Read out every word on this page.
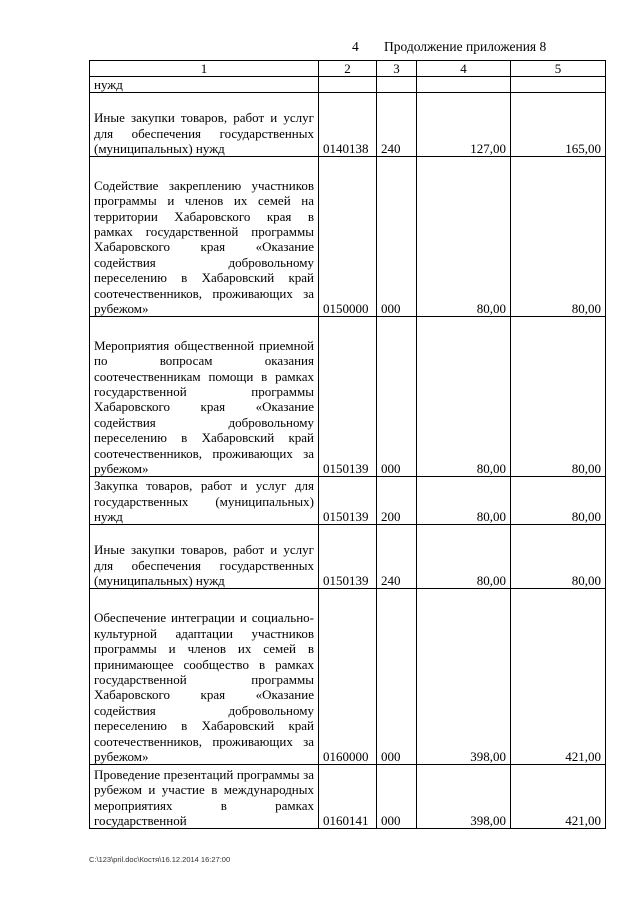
4 Продолжение приложения 8
1	2	3	4	5
нужд				
Иные закупки товаров, работ и услуг для обеспечения государственных (муниципальных) нужд	0140138	240	127,00	165,00
Содействие закреплению участников программы и членов их семей на территории Хабаровского края в рамках государственной программы Хабаровского края «Оказание содействия добровольному переселению в Хабаровский край соотечественников, проживающих за рубежом»	0150000	000	80,00	80,00
Мероприятия общественной приемной по вопросам оказания соотечественникам помощи в рамках государственной программы Хабаровского края «Оказание содействия добровольному переселению в Хабаровский край соотечественников, проживающих за рубежом»	0150139	000	80,00	80,00
Закупка товаров, работ и услуг для государственных (муниципальных) нужд	0150139	200	80,00	80,00
Иные закупки товаров, работ и услуг для обеспечения государственных (муниципальных) нужд	0150139	240	80,00	80,00
Обеспечение интеграции и социально-культурной адаптации участников программы и членов их семей в принимающее сообщество в рамках государственной программы Хабаровского края «Оказание содействия добровольному переселению в Хабаровский край соотечественников, проживающих за рубежом»	0160000	000	398,00	421,00
Проведение презентаций программы за рубежом и участие в международных мероприятиях в рамках государственной	0160141	000	398,00	421,00
C:\123\pril.doc\Костя\16.12.2014 16:27:00
